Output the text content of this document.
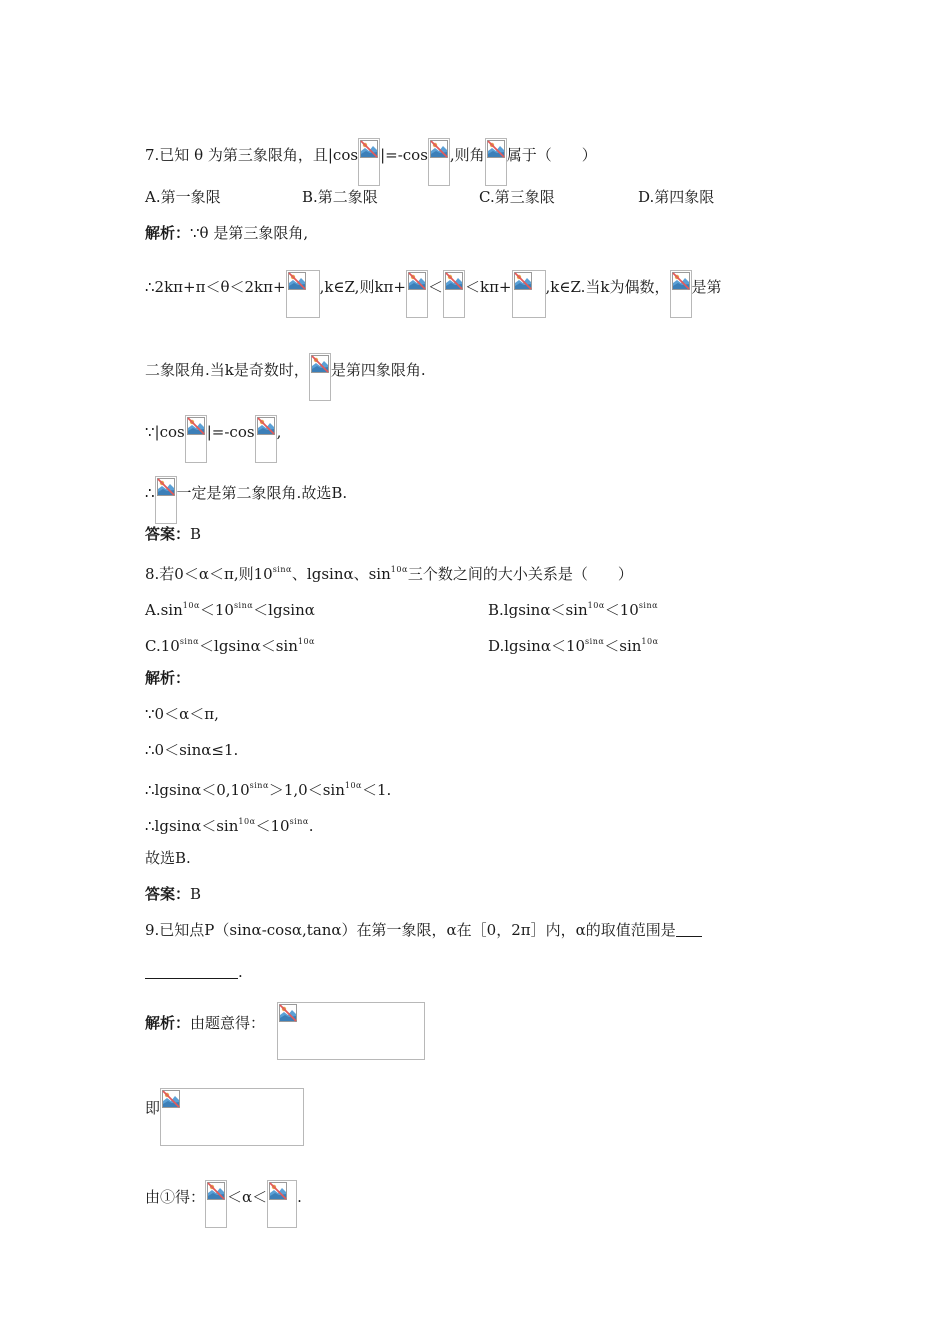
7.已知 θ 为第三象限角，且|cos |=-cos ,则角 属于（　　）
A.第一象限	B.第二象限	C.第三象限	D.第四象限
解析：∵θ 是第三象限角,
∴2kπ+π＜θ＜2kπ+ ,k∈Z,则kπ+ ＜ ＜kπ+ ,k∈Z.当k为偶数， 是第
二象限角.当k是奇数时， 是第四象限角.
∵|cos |=-cos ,
∴ 一定是第二象限角.故选B.
答案：B
8.若0＜α＜π,则$10^{sin\alpha}$、lgsinα、$\sin^{10\alpha}$三个数之间的大小关系是（　　）
$A.\sin^{10\alpha}<10^{sin\alpha}<lgsin\alpha$	$B.lgsin\alpha<\sin^{10\alpha}<10^{sin\alpha}$
$C.10^{sin\alpha}<lgsin\alpha<\sin^{10\alpha}$	$D.lgsin\alpha<10^{sin\alpha}<\sin^{10\alpha}$
解析：
∵0＜α＜π,
∴0＜sinα≤1.
$\therefore lgsin\alpha<0,10^{sin\alpha}>1,0<\sin^{10\alpha}<1$.
$\therefore lgsin\alpha<\sin^{10\alpha}<10^{sin\alpha}$.
故选B.
答案：B
9.已知点P（sinα-cosα,tanα）在第一象限，α在［0，2π］内，α的取值范围是
.
解析：由题意得：
即
由①得： ＜α＜ .
